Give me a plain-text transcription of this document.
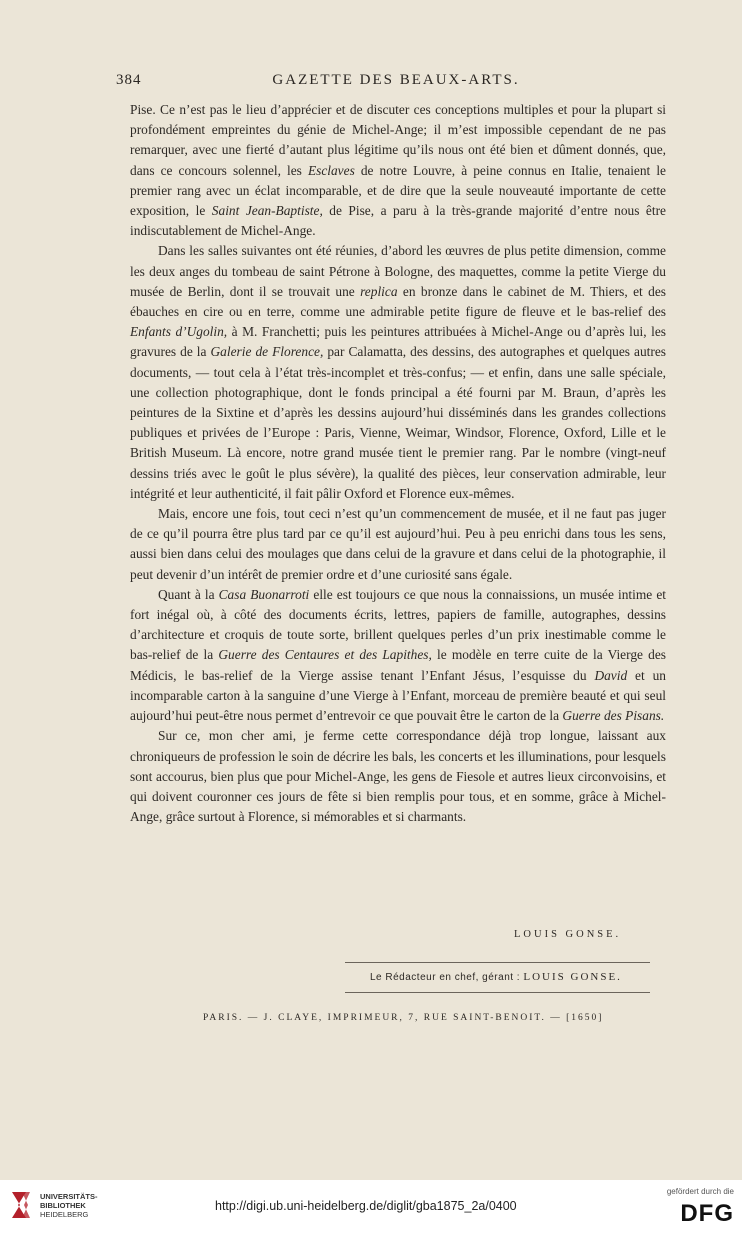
384	GAZETTE DES BEAUX-ARTS.

Pise. Ce n’est pas le lieu d’apprécier et de discuter ces conceptions multiples et pour la plupart si profondément empreintes du génie de Michel-Ange; il m’est impossible cependant de ne pas remarquer, avec une fierté d’autant plus légitime qu’ils nous ont été bien et dûment donnés, que, dans ce concours solennel, les Esclaves de notre Louvre, à peine connus en Italie, tenaient le premier rang avec un éclat incomparable, et de dire que la seule nouveauté importante de cette exposition, le Saint Jean-Baptiste, de Pise, a paru à la très-grande majorité d’entre nous être indiscutablement de Michel-Ange.

Dans les salles suivantes ont été réunies, d’abord les œuvres de plus petite dimension, comme les deux anges du tombeau de saint Pétrone à Bologne, des maquettes, comme la petite Vierge du musée de Berlin, dont il se trouvait une replica en bronze dans le cabinet de M. Thiers, et des ébauches en cire ou en terre, comme une admirable petite figure de fleuve et le bas-relief des Enfants d’Ugolin, à M. Franchetti; puis les peintures attribuées à Michel-Ange ou d’après lui, les gravures de la Galerie de Florence, par Calamatta, des dessins, des autographes et quelques autres documents, — tout cela à l’état très-incomplet et très-confus; — et enfin, dans une salle spéciale, une collection photographique, dont le fonds principal a été fourni par M. Braun, d’après les peintures de la Sixtine et d’après les dessins aujourd’hui disséminés dans les grandes collections publiques et privées de l’Europe : Paris, Vienne, Weimar, Windsor, Florence, Oxford, Lille et le British Museum. Là encore, notre grand musée tient le premier rang. Par le nombre (vingt-neuf dessins triés avec le goût le plus sévère), la qualité des pièces, leur conservation admirable, leur intégrité et leur authenticité, il fait pâlir Oxford et Florence eux-mêmes.

Mais, encore une fois, tout ceci n’est qu’un commencement de musée, et il ne faut pas juger de ce qu’il pourra être plus tard par ce qu’il est aujourd’hui. Peu à peu enrichi dans tous les sens, aussi bien dans celui des moulages que dans celui de la gravure et dans celui de la photographie, il peut devenir d’un intérêt de premier ordre et d’une curiosité sans égale.

Quant à la Casa Buonarroti elle est toujours ce que nous la connaissions, un musée intime et fort inégal où, à côté des documents écrits, lettres, papiers de famille, autographes, dessins d’architecture et croquis de toute sorte, brillent quelques perles d’un prix inestimable comme le bas-relief de la Guerre des Centaures et des Lapithes, le modèle en terre cuite de la Vierge des Médicis, le bas-relief de la Vierge assise tenant l’Enfant Jésus, l’esquisse du David et un incomparable carton à la sanguine d’une Vierge à l’Enfant, morceau de première beauté et qui seul aujourd’hui peut-être nous permet d’entrevoir ce que pouvait être le carton de la Guerre des Pisans.

Sur ce, mon cher ami, je ferme cette correspondance déjà trop longue, laissant aux chroniqueurs de profession le soin de décrire les bals, les concerts et les illuminations, pour lesquels sont accourus, bien plus que pour Michel-Ange, les gens de Fiesole et autres lieux circonvoisins, et qui doivent couronner ces jours de fête si bien remplis pour tous, et en somme, grâce à Michel-Ange, grâce surtout à Florence, si mémorables et si charmants.

LOUIS GONSE.
Le Rédacteur en chef, gérant : LOUIS GONSE.
PARIS. — J. CLAYE, IMPRIMEUR, 7, RUE SAINT-BENOIT. — [1650]
UNIVERSITÄTS-
BIBLIOTHEK
HEIDELBERG
http://digi.ub.uni-heidelberg.de/diglit/gba1875_2a/0400
gefördert durch die
DFG
